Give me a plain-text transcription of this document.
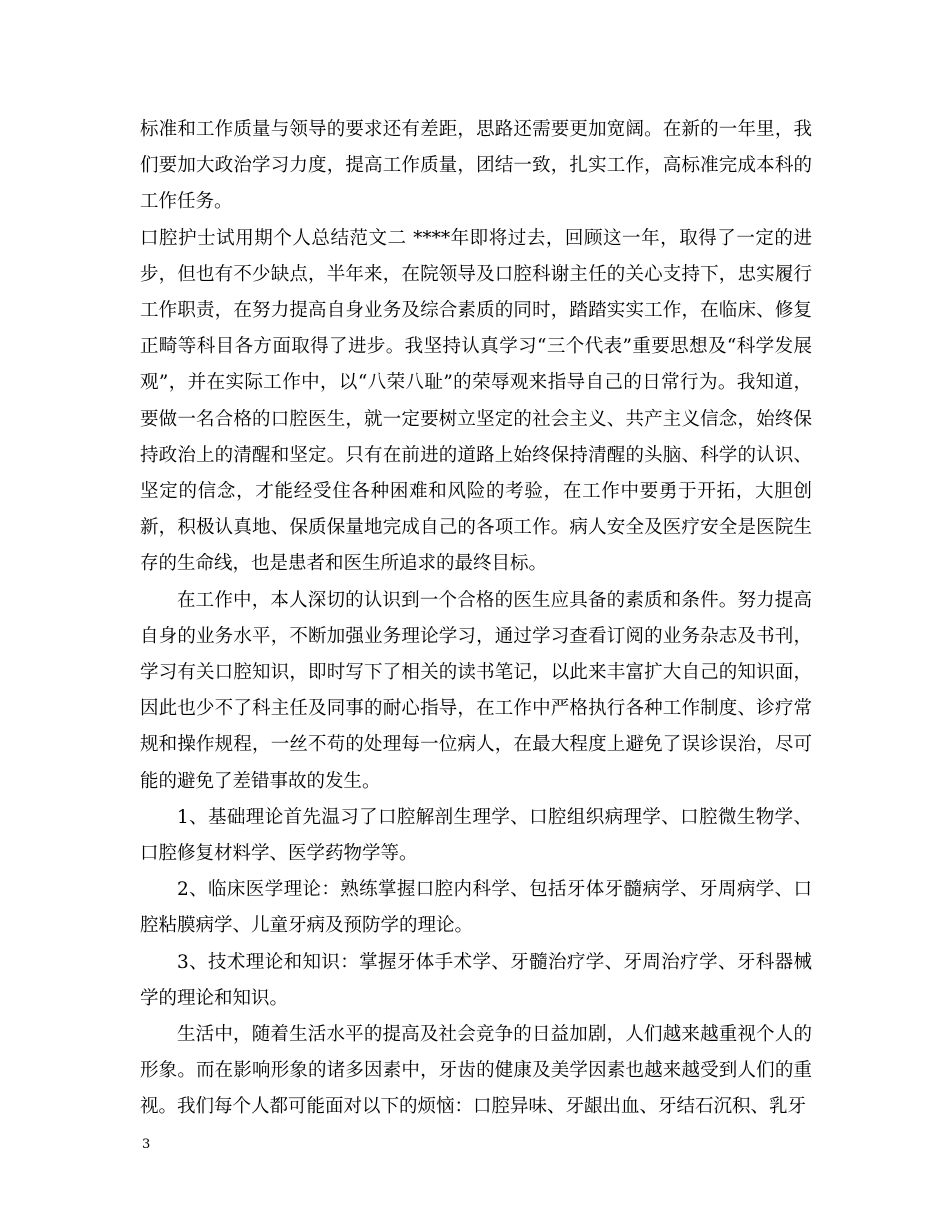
标准和工作质量与领导的要求还有差距，思路还需要更加宽阔。在新的一年里，我们要加大政治学习力度，提高工作质量，团结一致，扎实工作，高标准完成本科的工作任务。

口腔护士试用期个人总结范文二 ****年即将过去，回顾这一年，取得了一定的进步，但也有不少缺点，半年来，在院领导及口腔科谢主任的关心支持下，忠实履行工作职责，在努力提高自身业务及综合素质的同时，踏踏实实工作，在临床、修复正畸等科目各方面取得了进步。我坚持认真学习“三个代表”重要思想及“科学发展观”，并在实际工作中，以“八荣八耻”的荣辱观来指导自己的日常行为。我知道，要做一名合格的口腔医生，就一定要树立坚定的社会主义、共产主义信念，始终保持政治上的清醒和坚定。只有在前进的道路上始终保持清醒的头脑、科学的认识、坚定的信念，才能经受住各种困难和风险的考验，在工作中要勇于开拓，大胆创新，积极认真地、保质保量地完成自己的各项工作。病人安全及医疗安全是医院生存的生命线，也是患者和医生所追求的最终目标。

在工作中，本人深切的认识到一个合格的医生应具备的素质和条件。努力提高自身的业务水平，不断加强业务理论学习，通过学习查看订阅的业务杂志及书刊，学习有关口腔知识，即时写下了相关的读书笔记，以此来丰富扩大自己的知识面，因此也少不了科主任及同事的耐心指导，在工作中严格执行各种工作制度、诊疗常规和操作规程，一丝不苟的处理每一位病人，在最大程度上避免了误诊误治，尽可能的避免了差错事故的发生。

1、基础理论首先温习了口腔解剖生理学、口腔组织病理学、口腔微生物学、口腔修复材料学、医学药物学等。

2、临床医学理论：熟练掌握口腔内科学、包括牙体牙髓病学、牙周病学、口腔粘膜病学、儿童牙病及预防学的理论。

3、技术理论和知识：掌握牙体手术学、牙髓治疗学、牙周治疗学、牙科器械学的理论和知识。

生活中，随着生活水平的提高及社会竞争的日益加剧，人们越来越重视个人的形象。而在影响形象的诸多因素中，牙齿的健康及美学因素也越来越受到人们的重视。我们每个人都可能面对以下的烦恼：口腔异味、牙龈出血、牙结石沉积、乳牙

3
